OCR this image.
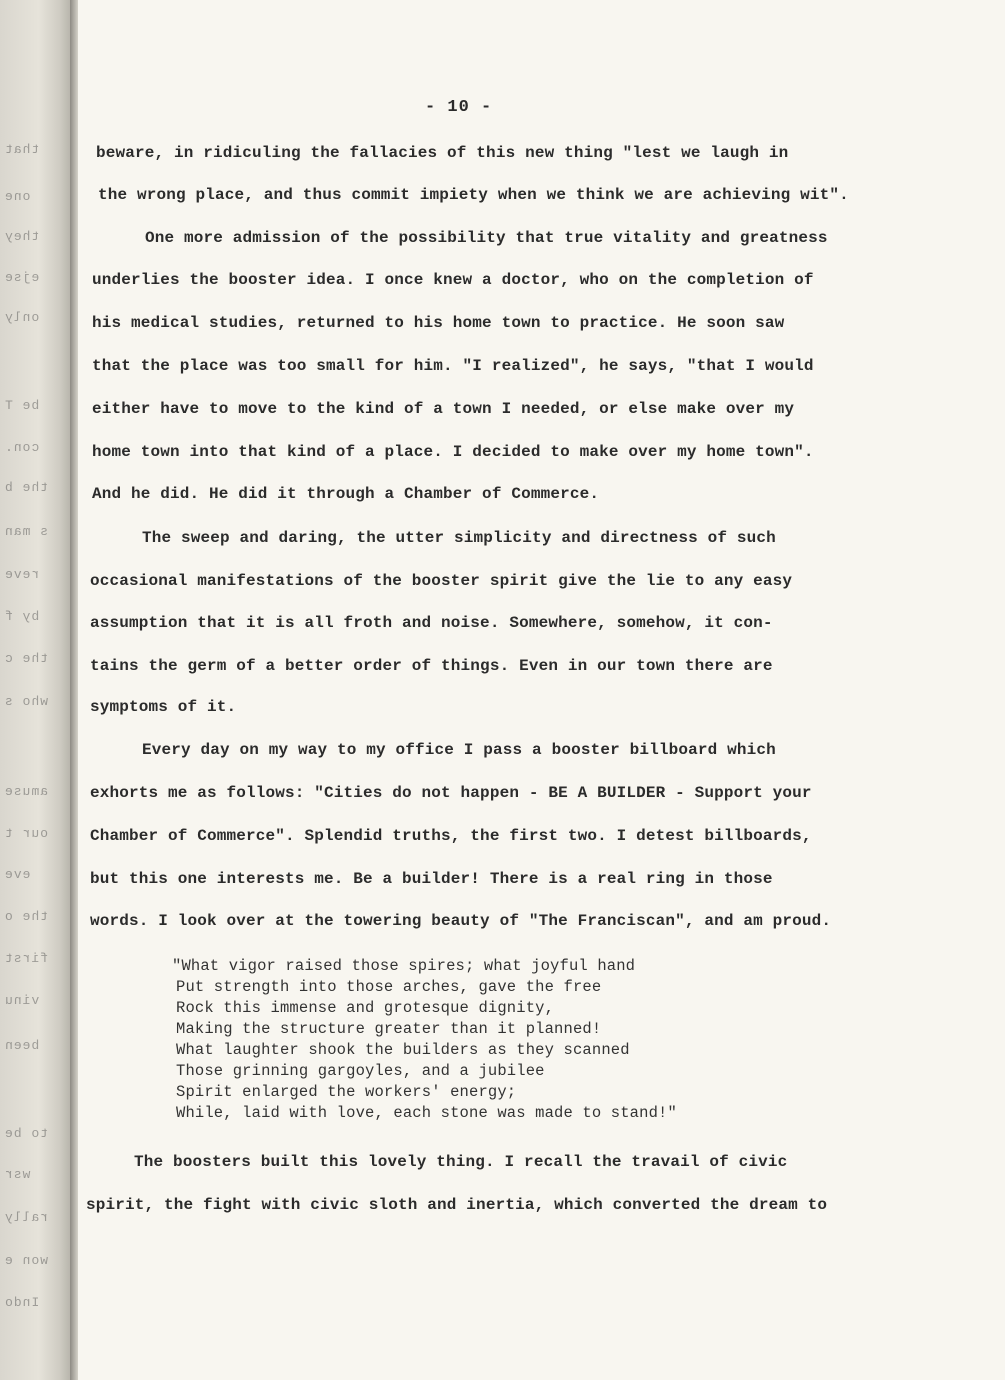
that
one
they
ejse
only
be T
con.
the b
s man
reve
by f
the c
who s
amuse
our t
eve
the o
first
vinu
been
to be
wsr
rally
won e
Indo
- 10 -
beware, in ridiculing the fallacies of this new thing "lest we laugh in
the wrong place, and thus commit impiety when we think we are achieving wit".
One more admission of the possibility that true vitality and greatness
underlies the booster idea. I once knew a doctor, who on the completion of
his medical studies, returned to his home town to practice. He soon saw
that the place was too small for him. "I realized", he says, "that I would
either have to move to the kind of a town I needed, or else make over my
home town into that kind of a place. I decided to make over my home town".
And he did. He did it through a Chamber of Commerce.
The sweep and daring, the utter simplicity and directness of such
occasional manifestations of the booster spirit give the lie to any easy
assumption that it is all froth and noise. Somewhere, somehow, it con-
tains the germ of a better order of things. Even in our town there are
symptoms of it.
Every day on my way to my office I pass a booster billboard which
exhorts me as follows: "Cities do not happen - BE A BUILDER - Support your
Chamber of Commerce". Splendid truths, the first two. I detest billboards,
but this one interests me. Be a builder! There is a real ring in those
words. I look over at the towering beauty of "The Franciscan", and am proud.
"What vigor raised those spires; what joyful hand
Put strength into those arches, gave the free
Rock this immense and grotesque dignity,
Making the structure greater than it planned!
What laughter shook the builders as they scanned
Those grinning gargoyles, and a jubilee
Spirit enlarged the workers' energy;
While, laid with love, each stone was made to stand!"
The boosters built this lovely thing. I recall the travail of civic
spirit, the fight with civic sloth and inertia, which converted the dream to
